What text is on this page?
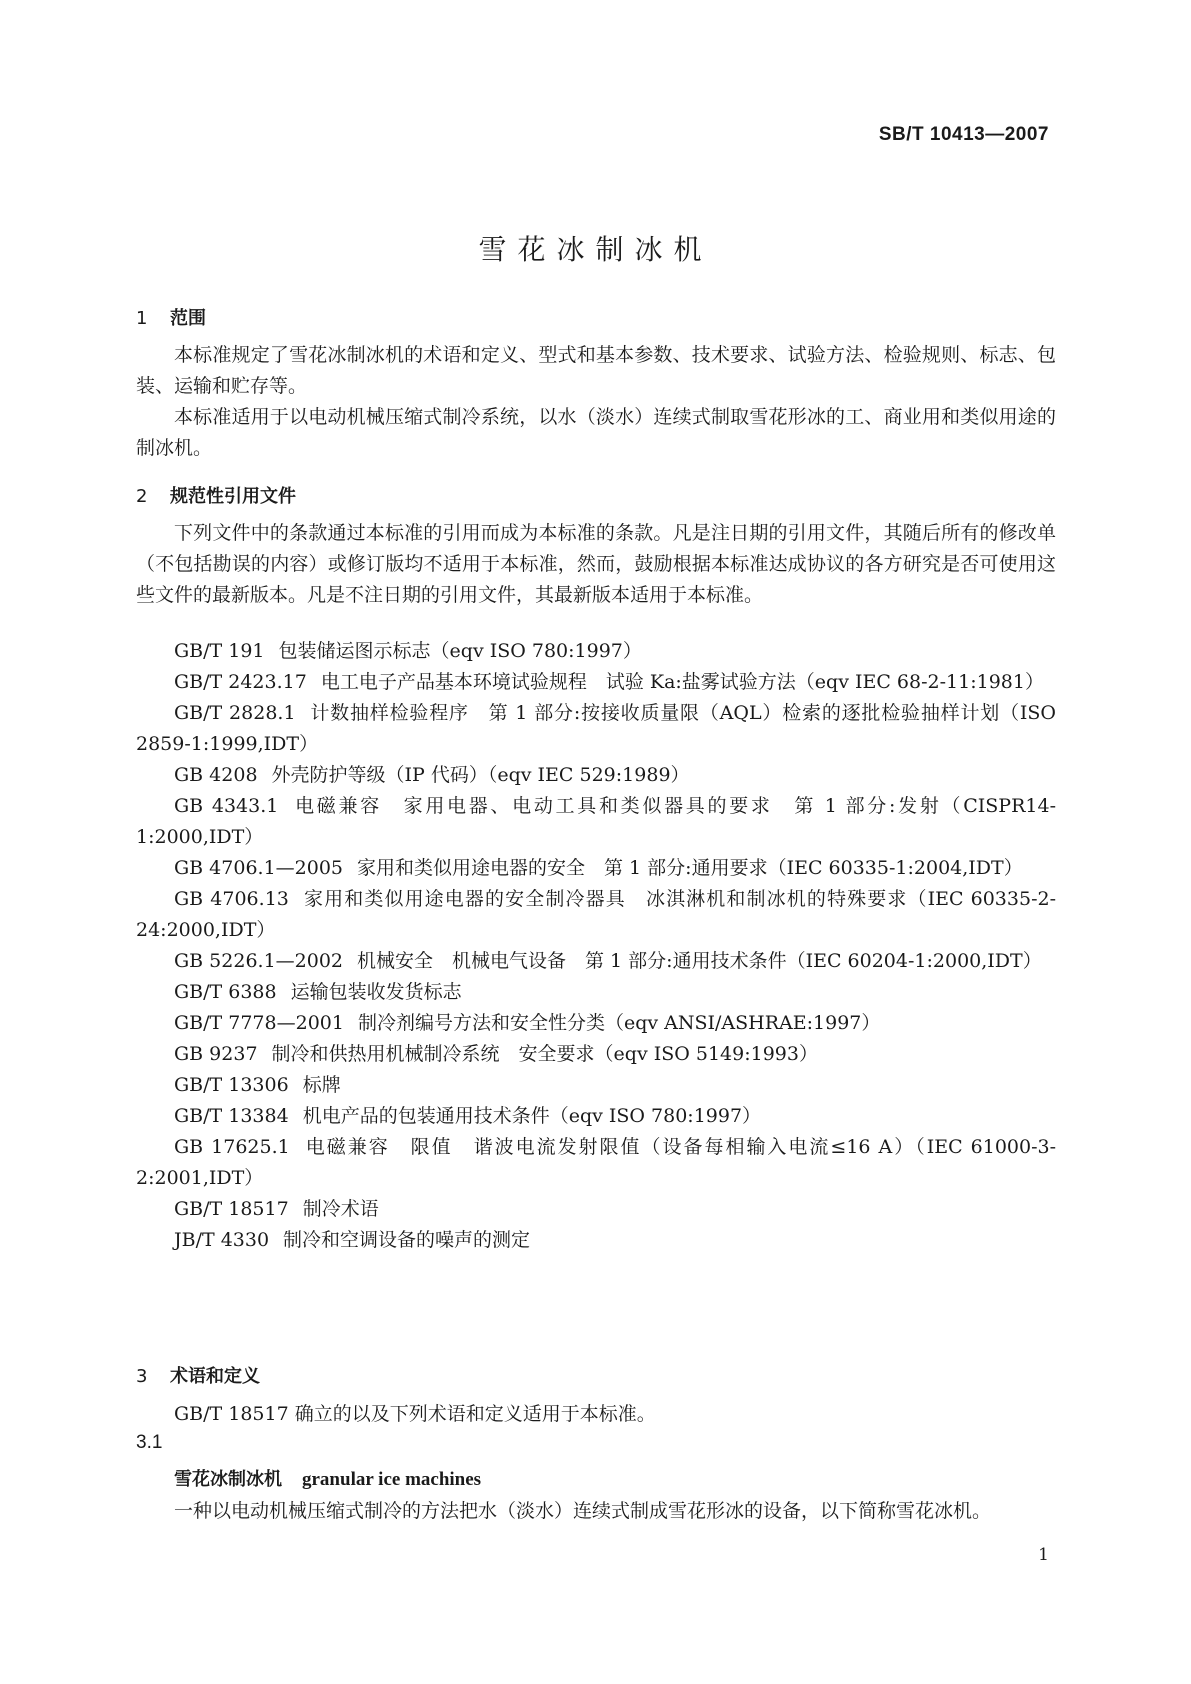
SB/T 10413—2007
雪花冰制冰机
1 范围

本标准规定了雪花冰制冰机的术语和定义、型式和基本参数、技术要求、试验方法、检验规则、标志、包装、运输和贮存等。

本标准适用于以电动机械压缩式制冷系统，以水（淡水）连续式制取雪花形冰的工、商业用和类似用途的制冰机。

2 规范性引用文件

下列文件中的条款通过本标准的引用而成为本标准的条款。凡是注日期的引用文件，其随后所有的修改单（不包括勘误的内容）或修订版均不适用于本标准，然而，鼓励根据本标准达成协议的各方研究是否可使用这些文件的最新版本。凡是不注日期的引用文件，其最新版本适用于本标准。

GB/T 191 包装储运图示标志（eqv ISO 780:1997）
GB/T 2423.17 电工电子产品基本环境试验规程　试验 Ka:盐雾试验方法（eqv IEC 68-2-11:1981）
GB/T 2828.1 计数抽样检验程序　第 1 部分:按接收质量限（AQL）检索的逐批检验抽样计划（ISO 2859-1:1999,IDT）
GB 4208 外壳防护等级（IP 代码）（eqv IEC 529:1989）
GB 4343.1 电磁兼容　家用电器、电动工具和类似器具的要求　第 1 部分:发射（CISPR14-1:2000,IDT）
GB 4706.1—2005 家用和类似用途电器的安全　第 1 部分:通用要求（IEC 60335-1:2004,IDT）
GB 4706.13 家用和类似用途电器的安全制冷器具　冰淇淋机和制冰机的特殊要求（IEC 60335-2-24:2000,IDT）
GB 5226.1—2002 机械安全　机械电气设备　第 1 部分:通用技术条件（IEC 60204-1:2000,IDT）
GB/T 6388 运输包装收发货标志
GB/T 7778—2001 制冷剂编号方法和安全性分类（eqv ANSI/ASHRAE:1997）
GB 9237 制冷和供热用机械制冷系统　安全要求（eqv ISO 5149:1993）
GB/T 13306 标牌
GB/T 13384 机电产品的包装通用技术条件（eqv ISO 780:1997）
GB 17625.1 电磁兼容　限值　谐波电流发射限值（设备每相输入电流≤16 A）（IEC 61000-3-2:2001,IDT）
GB/T 18517 制冷术语
JB/T 4330 制冷和空调设备的噪声的测定
3 术语和定义

GB/T 18517 确立的以及下列术语和定义适用于本标准。

3.1
雪花冰制冰机 granular ice machines
一种以电动机械压缩式制冷的方法把水（淡水）连续式制成雪花形冰的设备，以下简称雪花冰机。
1
